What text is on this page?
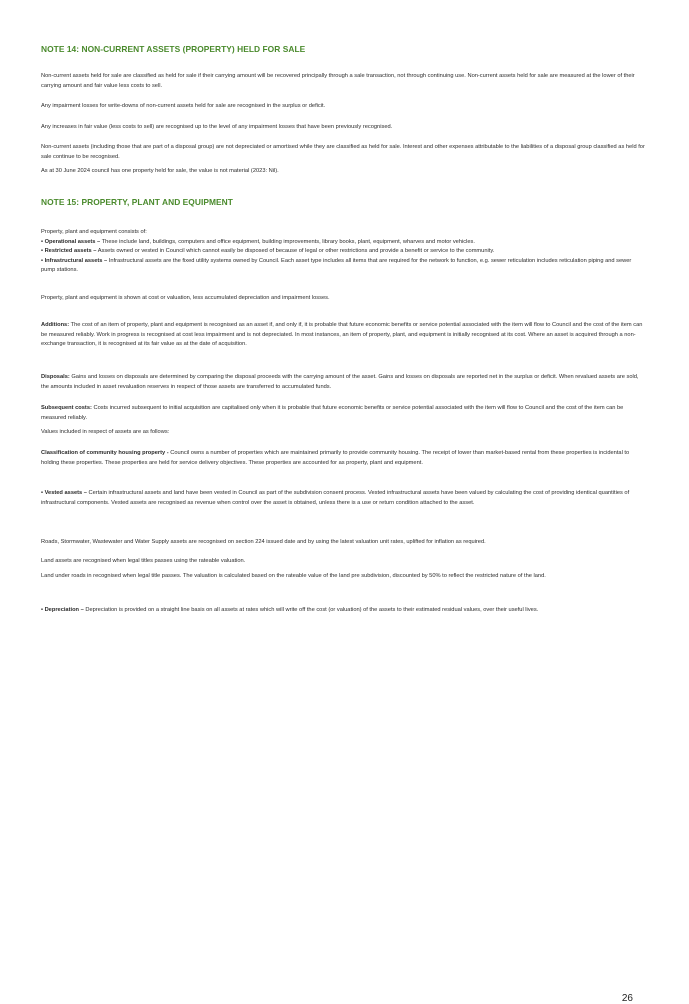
NOTE 14: NON-CURRENT ASSETS (PROPERTY) HELD FOR SALE

Non-current assets held for sale are classified as held for sale if their carrying amount will be recovered principally through a sale transaction, not through continuing use. Non-current assets held for sale are measured at the lower of their carrying amount and fair value less costs to sell.

Any impairment losses for write-downs of non-current assets held for sale are recognised in the surplus or deficit.

Any increases in fair value (less costs to sell) are recognised up to the level of any impairment losses that have been previously recognised.

Non-current assets (including those that are part of a disposal group) are not depreciated or amortised while they are classified as held for sale. Interest and other expenses attributable to the liabilities of a disposal group classified as held for sale continue to be recognised.

As at 30 June 2024 council has one property held for sale, the value is not material (2023: Nil).

NOTE 15: PROPERTY, PLANT AND EQUIPMENT
Property, plant and equipment consists of:
• Operational assets – These include land, buildings, computers and office equipment, building improvements, library books, plant, equipment, wharves and motor vehicles.
• Restricted assets – Assets owned or vested in Council which cannot easily be disposed of because of legal or other restrictions and provide a benefit or service to the community.
• Infrastructural assets – Infrastructural assets are the fixed utility systems owned by Council. Each asset type includes all items that are required for the network to function, e.g. sewer reticulation includes reticulation piping and sewer pump stations.

Property, plant and equipment is shown at cost or valuation, less accumulated depreciation and impairment losses.

Additions: The cost of an item of property, plant and equipment is recognised as an asset if, and only if, it is probable that future economic benefits or service potential associated with the item will flow to Council and the cost of the item can be measured reliably. Work in progress is recognised at cost less impairment and is not depreciated. In most instances, an item of property, plant, and equipment is initially recognised at its cost. Where an asset is acquired through a non-exchange transaction, it is recognised at its fair value as at the date of acquisition.

Disposals: Gains and losses on disposals are determined by comparing the disposal proceeds with the carrying amount of the asset. Gains and losses on disposals are reported net in the surplus or deficit. When revalued assets are sold, the amounts included in asset revaluation reserves in respect of those assets are transferred to accumulated funds.

Subsequent costs: Costs incurred subsequent to initial acquisition are capitalised only when it is probable that future economic benefits or service potential associated with the item will flow to Council and the cost of the item can be measured reliably.

Values included in respect of assets are as follows:

Classification of community housing property - Council owns a number of properties which are maintained primarily to provide community housing. The receipt of lower than market-based rental from these properties is incidental to holding these properties. These properties are held for service delivery objectives. These properties are accounted for as property, plant and equipment.

• Vested assets – Certain infrastructural assets and land have been vested in Council as part of the subdivision consent process. Vested infrastructural assets have been valued by calculating the cost of providing identical quantities of infrastructural components. Vested assets are recognised as revenue when control over the asset is obtained, unless there is a use or return condition attached to the asset.

Roads, Stormwater, Wastewater and Water Supply assets are recognised on section 224 issued date and by using the latest valuation unit rates, uplifted for inflation as required.

Land assets are recognised when legal titles passes using the rateable valuation.

Land under roads in recognised when legal title passes. The valuation is calculated based on the rateable value of the land pre subdivision, discounted by 50% to reflect the restricted nature of the land.

• Depreciation – Depreciation is provided on a straight line basis on all assets at rates which will write off the cost (or valuation) of the assets to their estimated residual values, over their useful lives.

26
